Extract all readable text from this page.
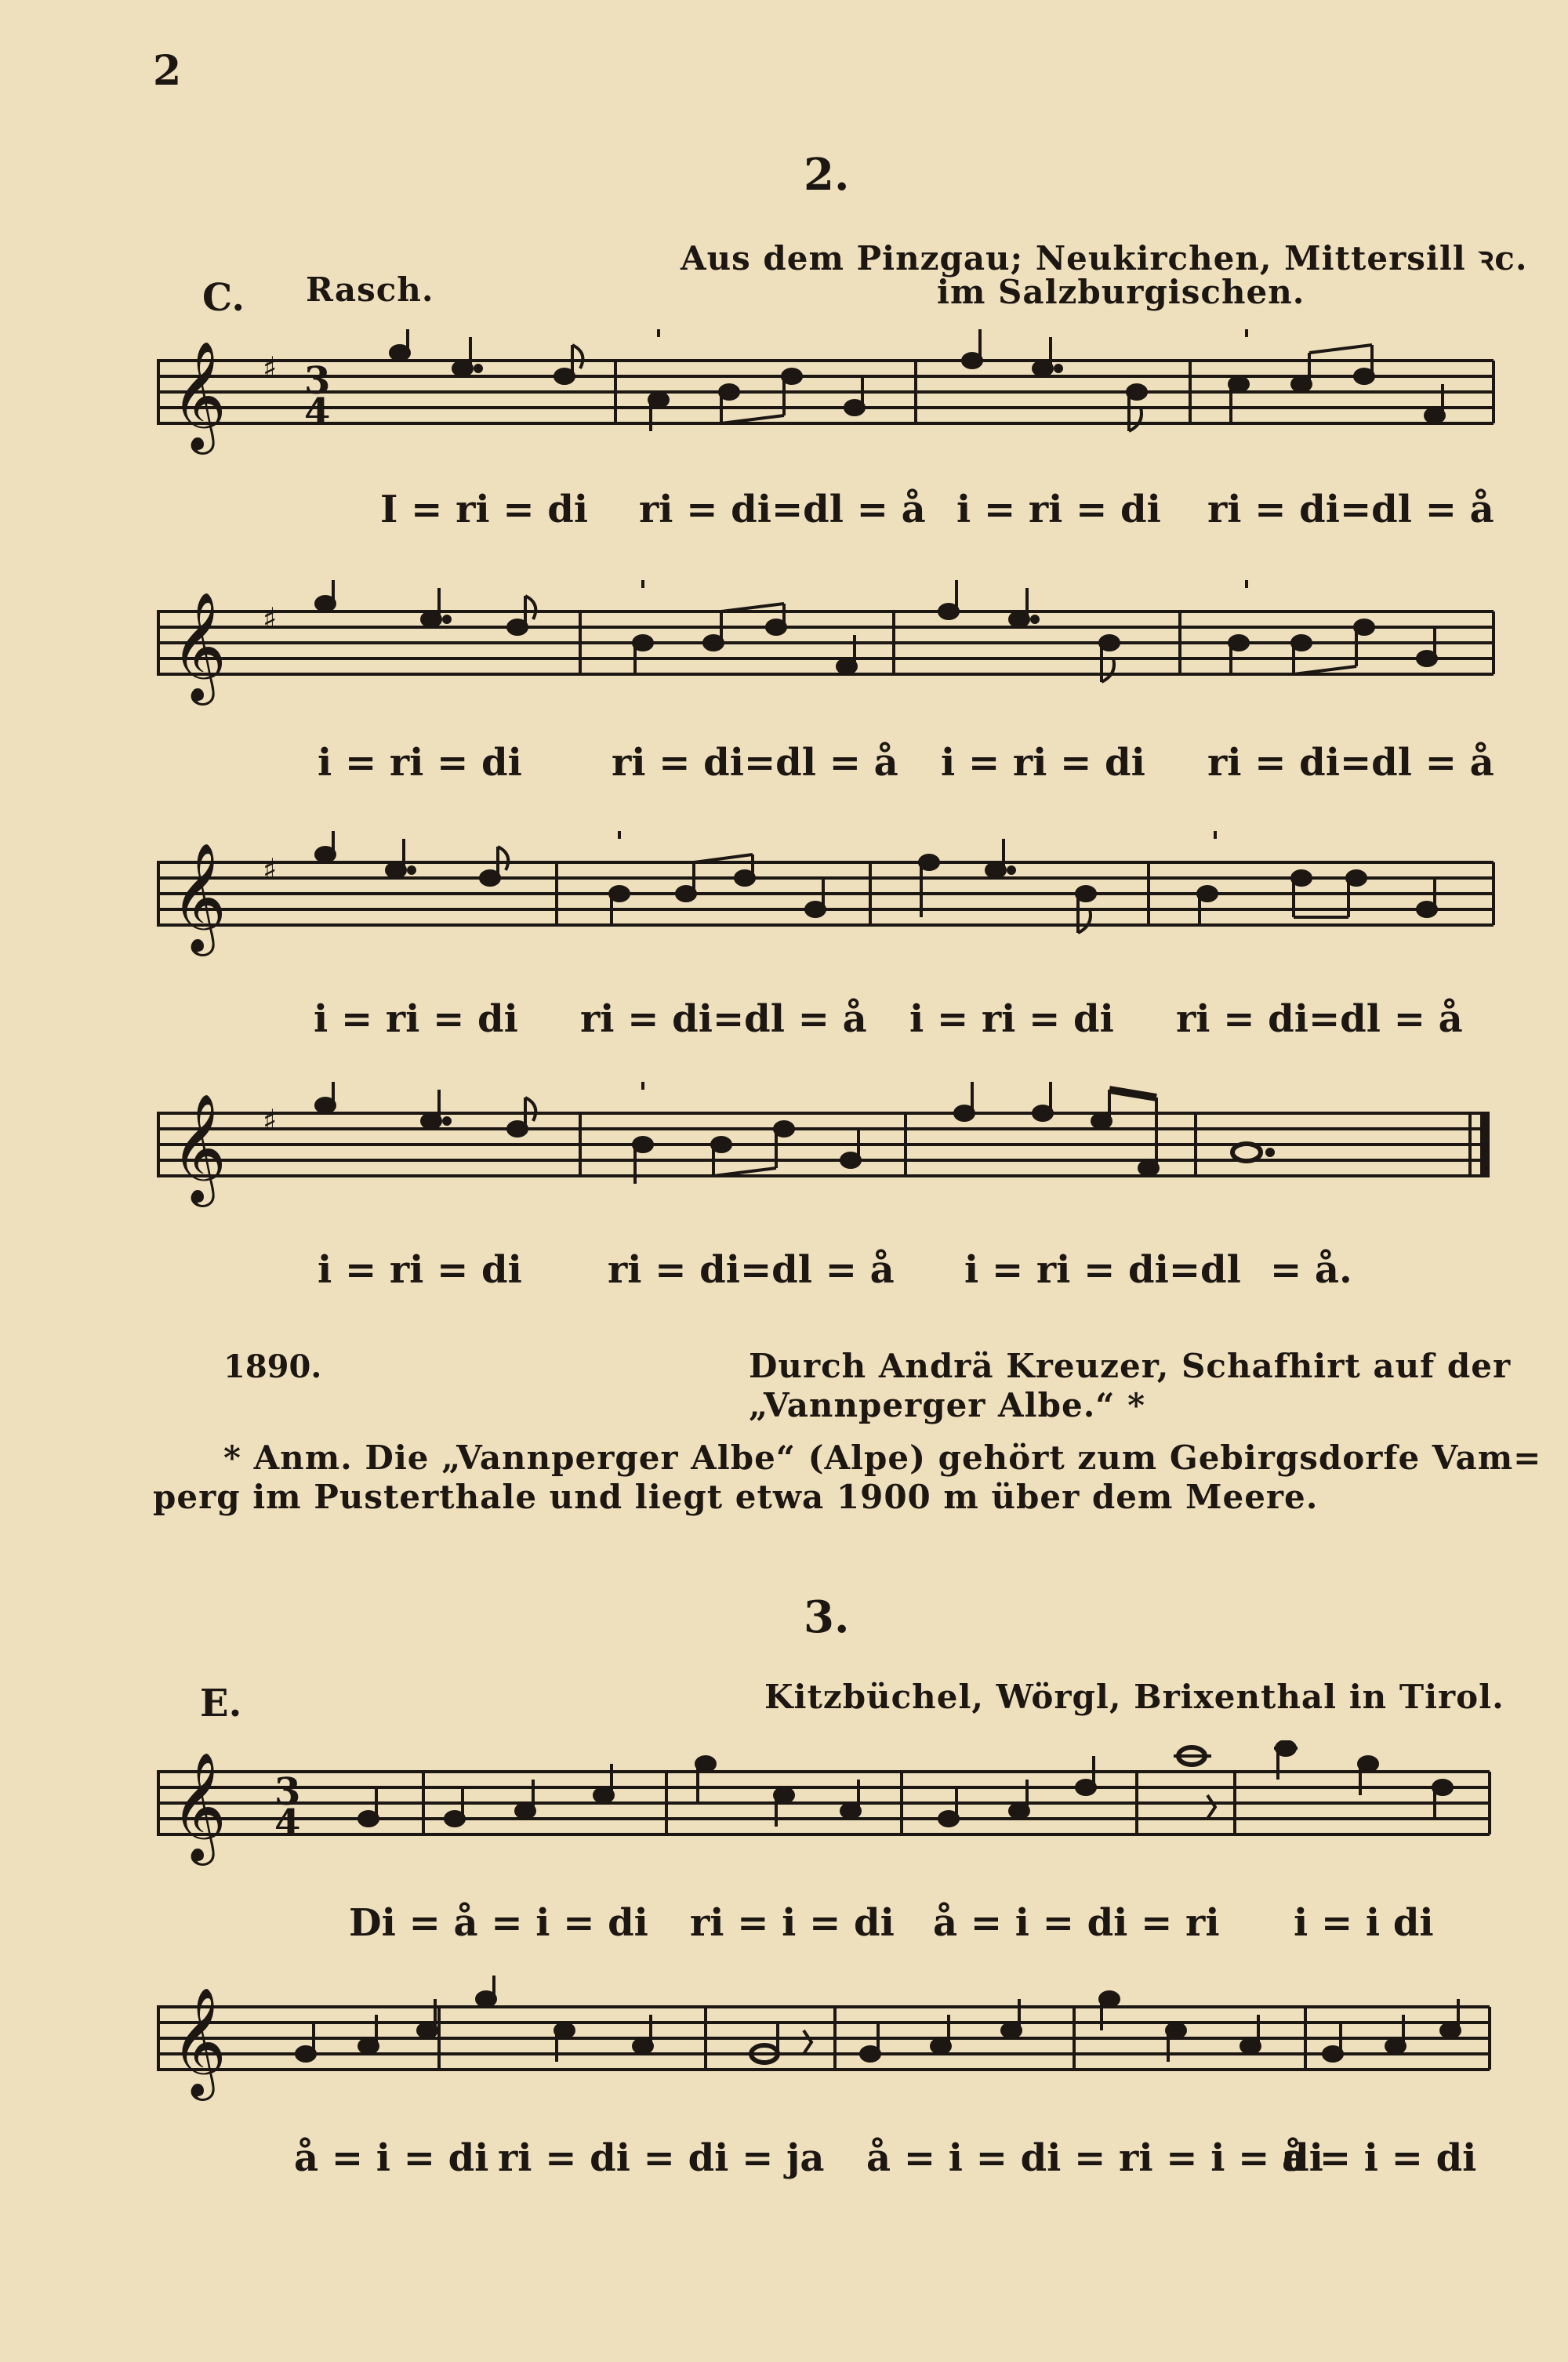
2
2.
Aus dem Pinzgau; Neukirchen, Mittersill ꝛc.
im Salzburgischen.
C. Rasch.
𝄞 ♯ 3
4
I = ri = di ri = di=dl = å i = ri = di ri = di=dl = å
𝄞 ♯
i = ri = di ri = di=dl = å i = ri = di ri = di=dl = å
𝄞 ♯
i = ri = di ri = di=dl = å i = ri = di ri = di=dl = å
𝄞 ♯
i = ri = di ri = di=dl = å i = ri = di=dl = å.
1890.	Durch Andrä Kreuzer, Schafhirt auf der
„Vannperger Albe.“ *
* Anm. Die „Vannperger Albe“ (Alpe) gehört zum Gebirgsdorfe Vam=
perg im Pusterthale und liegt etwa 1900 m über dem Meere.
3.
E.	Kitzbüchel, Wörgl, Brixenthal in Tirol.
𝄞 3
4
Di = å = i = di ri = i = di å = i = di = ri i = i di
𝄞
å = i = di ri = di = di = ja å = i = di = ri = i = di
å = i = di
